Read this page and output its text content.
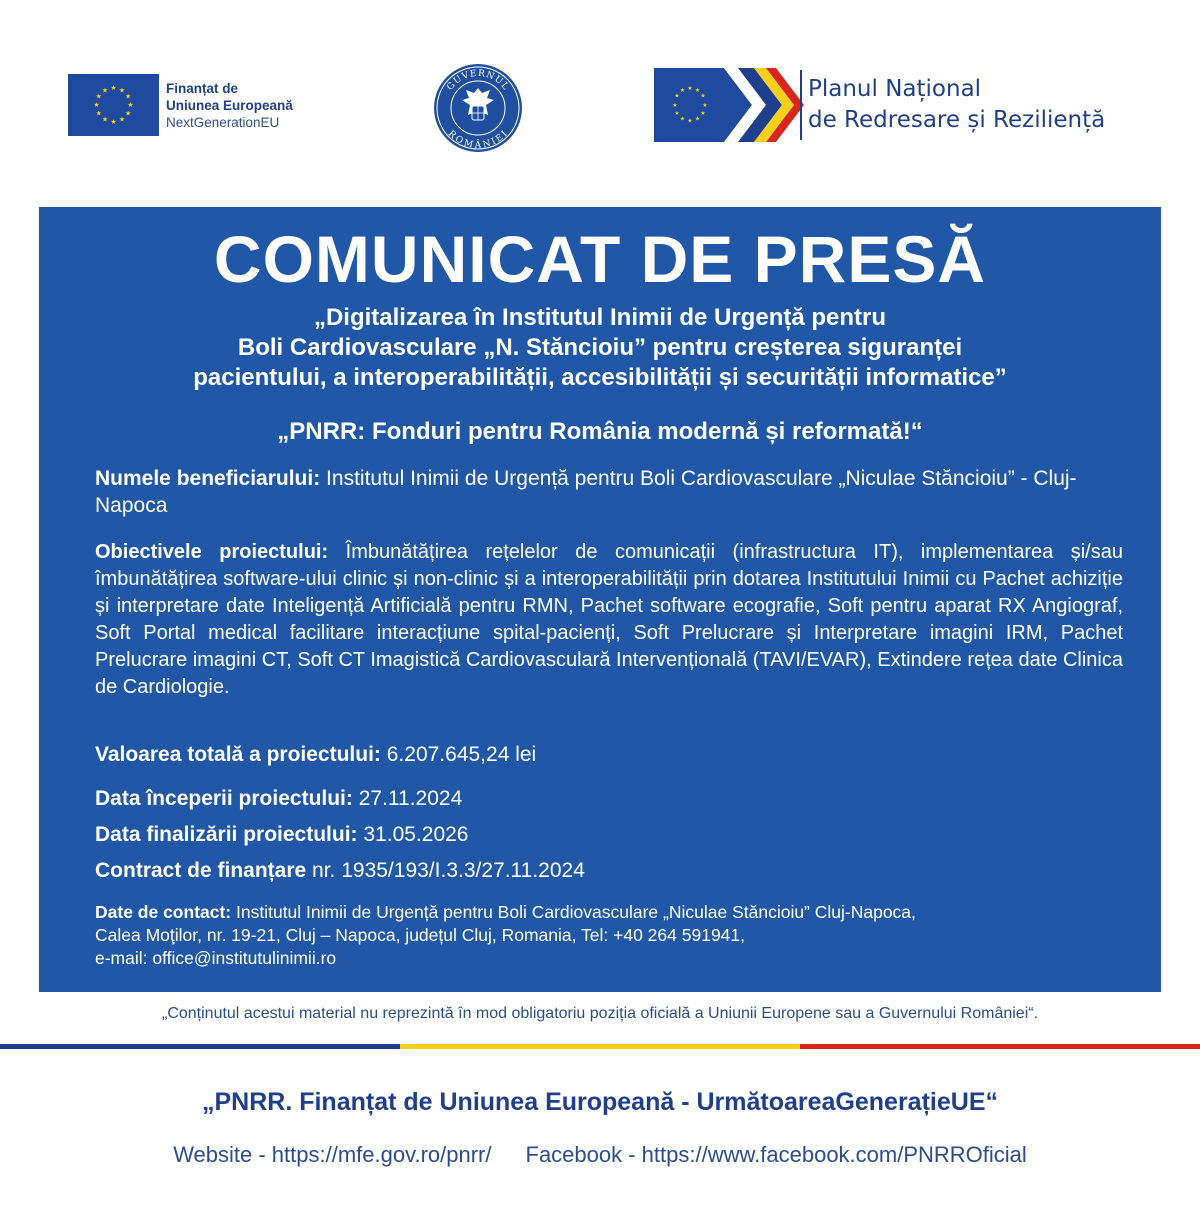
★ ★
★
★
★
★
★
★
★
★
★
★	Finanțat de
Uniunea Europeană
NextGenerationEU
GUVERNUL
ROMÂNIEI
★ ★
★
★
★
★
★
★
★
★
★
★	Planul Național
de Redresare și Reziliență
COMUNICAT DE PRESĂ
„Digitalizarea în Institutul Inimii de Urgență pentru
Boli Cardiovasculare „N. Stăncioiu” pentru creșterea siguranței
pacientului, a interoperabilității, accesibilității și securității informatice”
„PNRR: Fonduri pentru România modernă și reformată!“
Numele beneficiarului: Institutul Inimii de Urgență pentru Boli Cardiovasculare „Niculae Stăncioiu” - Cluj-Napoca
Obiectivele proiectului: Îmbunătățirea rețelelor de comunicații (infrastructura IT), implementarea și/sau îmbunătățirea software-ului clinic și non-clinic și a interoperabilității prin dotarea Institutului Inimii cu Pachet achiziție și interpretare date Inteligență Artificială pentru RMN, Pachet software ecografie, Soft pentru aparat RX Angiograf, Soft Portal medical facilitare interacțiune spital-pacienți, Soft Prelucrare și Interpretare imagini IRM, Pachet Prelucrare imagini CT, Soft CT Imagistică Cardiovasculară Intervențională (TAVI/EVAR), Extindere rețea date Clinica de Cardiologie.
Valoarea totală a proiectului: 6.207.645,24 lei
Data începerii proiectului: 27.11.2024
Data finalizării proiectului: 31.05.2026
Contract de finanțare nr. 1935/193/I.3.3/27.11.2024
Date de contact: Institutul Inimii de Urgență pentru Boli Cardiovasculare „Niculae Stăncioiu” Cluj-Napoca,
Calea Moţilor, nr. 19-21, Cluj – Napoca, județul Cluj, Romania, Tel: +40 264 591941,
e-mail: office@institutulinimii.ro
„Conținutul acestui material nu reprezintă în mod obligatoriu poziția oficială a Uniunii Europene sau a Guvernului României“.
„PNRR. Finanțat de Uniunea Europeană - UrmătoareaGenerațieUE“
Website - https://mfe.gov.ro/pnrr/ Facebook - https://www.facebook.com/PNRROficial
